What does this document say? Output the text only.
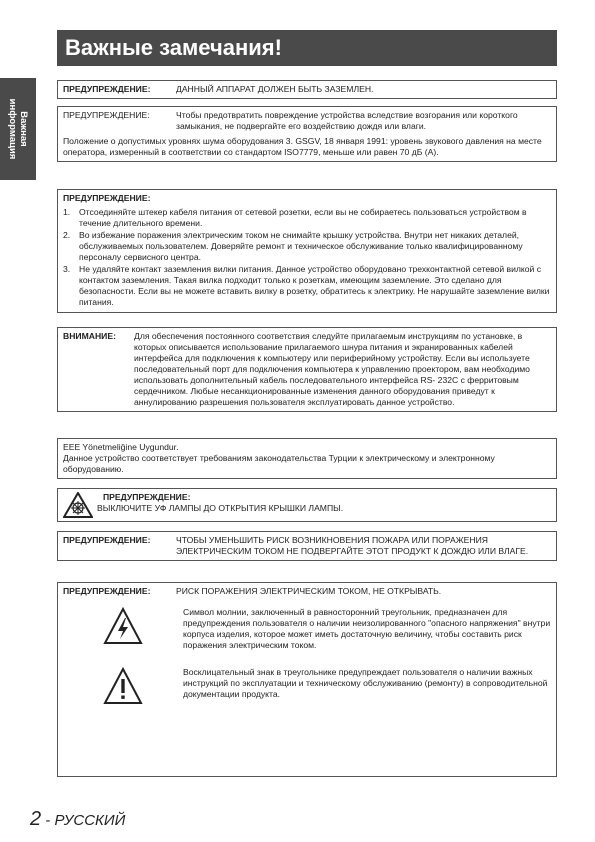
Важная
информация
Важные замечания!
ПРЕДУПРЕЖДЕНИЕ:	ДАННЫЙ АППАРАТ ДОЛЖЕН БЫТЬ ЗАЗЕМЛЕН.
ПРЕДУПРЕЖДЕНИЕ:	Чтобы предотвратить повреждение устройства вследствие возгорания или короткого замыкания, не подвергайте его воздействию дождя или влаги.
Положение о допустимых уровнях шума оборудования 3. GSGV, 18 января 1991: уровень звукового давления на месте оператора, измеренный в соответствии со стандартом ISO7779, меньше или равен 70 дБ (А).
ПРЕДУПРЕЖДЕНИЕ:
1.	Отсоединяйте штекер кабеля питания от сетевой розетки, если вы не собираетесь пользоваться устройством в течение длительного времени.
2.	Во избежание поражения электрическим током не снимайте крышку устройства. Внутри нет никаких деталей, обслуживаемых пользователем. Доверяйте ремонт и техническое обслуживание только квалифицированному персоналу сервисного центра.
3.	Не удаляйте контакт заземления вилки питания. Данное устройство оборудовано трехконтактной сетевой вилкой с контактом заземления. Такая вилка подходит только к розеткам, имеющим заземление. Это сделано для безопасности. Если вы не можете вставить вилку в розетку, обратитесь к электрику. Не нарушайте заземление вилки питания.
ВНИМАНИЕ:	Для обеспечения постоянного соответствия следуйте прилагаемым инструкциям по установке, в которых описывается использование прилагаемого шнура питания и экранированных кабелей интерфейса для подключения к компьютеру или периферийному устройству. Если вы используете последовательный порт для подключения компьютера к управлению проектором, вам необходимо использовать дополнительный кабель последовательного интерфейса RS- 232C с ферритовым сердечником. Любые несанкционированные изменения данного оборудования приведут к аннулированию разрешения пользователя эксплуатировать данное устройство.
EEE Yönetmeliğine Uygundur.
Данное устройство соответствует требованиям законодательства Турции к электрическому и электронному оборудованию.
ПРЕДУПРЕЖДЕНИЕ:
ВЫКЛЮЧИТЕ УФ ЛАМПЫ ДО ОТКРЫТИЯ КРЫШКИ ЛАМПЫ.
ПРЕДУПРЕЖДЕНИЕ:	ЧТОБЫ УМЕНЬШИТЬ РИСК ВОЗНИКНОВЕНИЯ ПОЖАРА ИЛИ ПОРАЖЕНИЯ ЭЛЕКТРИЧЕСКИМ ТОКОМ НЕ ПОДВЕРГАЙТЕ ЭТОТ ПРОДУКТ К ДОЖДЮ ИЛИ ВЛАГЕ.
ПРЕДУПРЕЖДЕНИЕ:	РИСК ПОРАЖЕНИЯ ЭЛЕКТРИЧЕСКИМ ТОКОМ, НЕ ОТКРЫВАТЬ.
Символ молнии, заключенный в равносторонний треугольник, предназначен для предупреждения пользователя о наличии неизолированного "опасного напряжения" внутри корпуса изделия, которое может иметь достаточную величину, чтобы составить риск поражения электрическим током.
Восклицательный знак в треугольнике предупреждает пользователя о наличии важных инструкций по эксплуатации и техническому обслуживанию (ремонту) в сопроводительной документации продукта.
2 - РУССКИЙ
